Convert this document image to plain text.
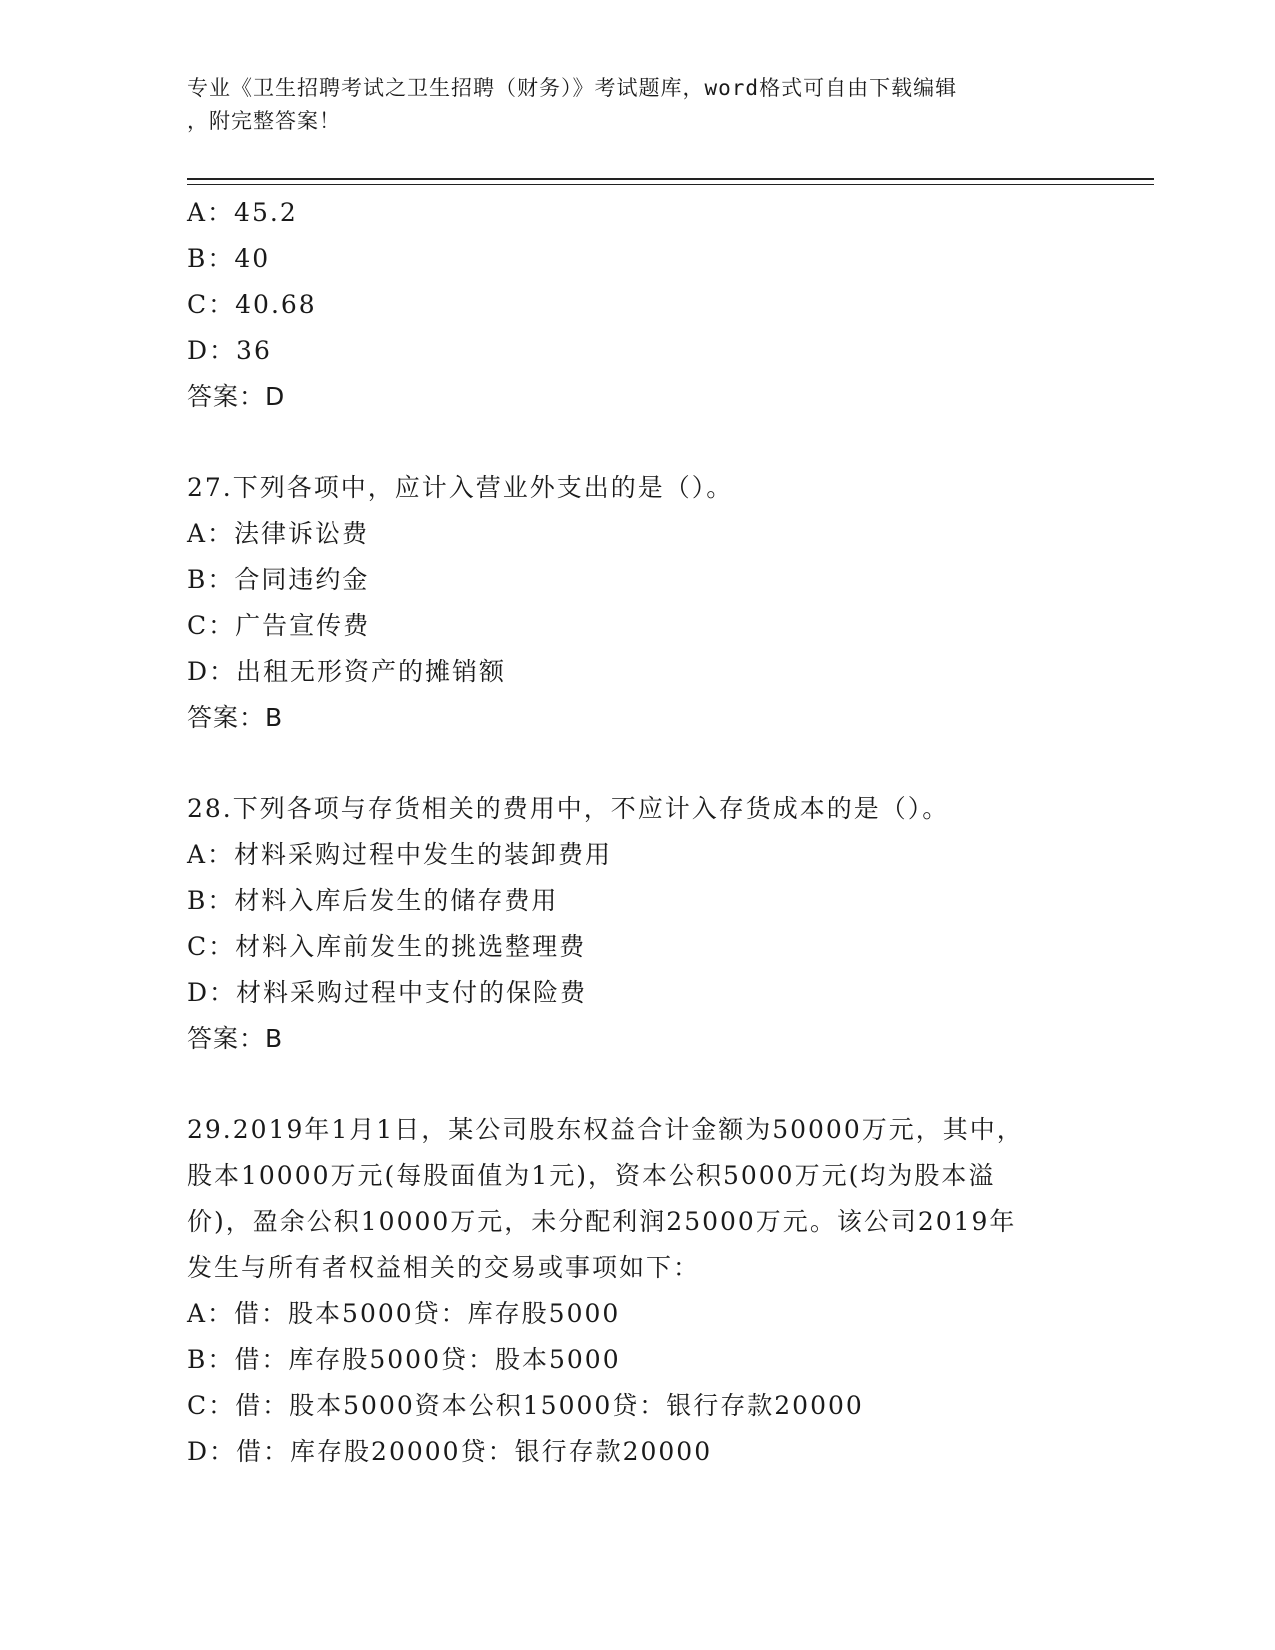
专业《卫生招聘考试之卫生招聘（财务）》考试题库，word格式可自由下载编辑
，附完整答案！
A：45.2
B：40
C：40.68
D：36
答案：D
27.下列各项中，应计入营业外支出的是（）。
A：法律诉讼费
B：合同违约金
C：广告宣传费
D：出租无形资产的摊销额
答案：B
28.下列各项与存货相关的费用中，不应计入存货成本的是（）。
A：材料采购过程中发生的装卸费用
B：材料入库后发生的储存费用
C：材料入库前发生的挑选整理费
D：材料采购过程中支付的保险费
答案：B
29.2019年1月1日，某公司股东权益合计金额为50000万元，其中，
股本10000万元(每股面值为1元)，资本公积5000万元(均为股本溢
价)，盈余公积10000万元，未分配利润25000万元。该公司2019年
发生与所有者权益相关的交易或事项如下：
A：借：股本5000贷：库存股5000
B：借：库存股5000贷：股本5000
C：借：股本5000资本公积15000贷：银行存款20000
D：借：库存股20000贷：银行存款20000
